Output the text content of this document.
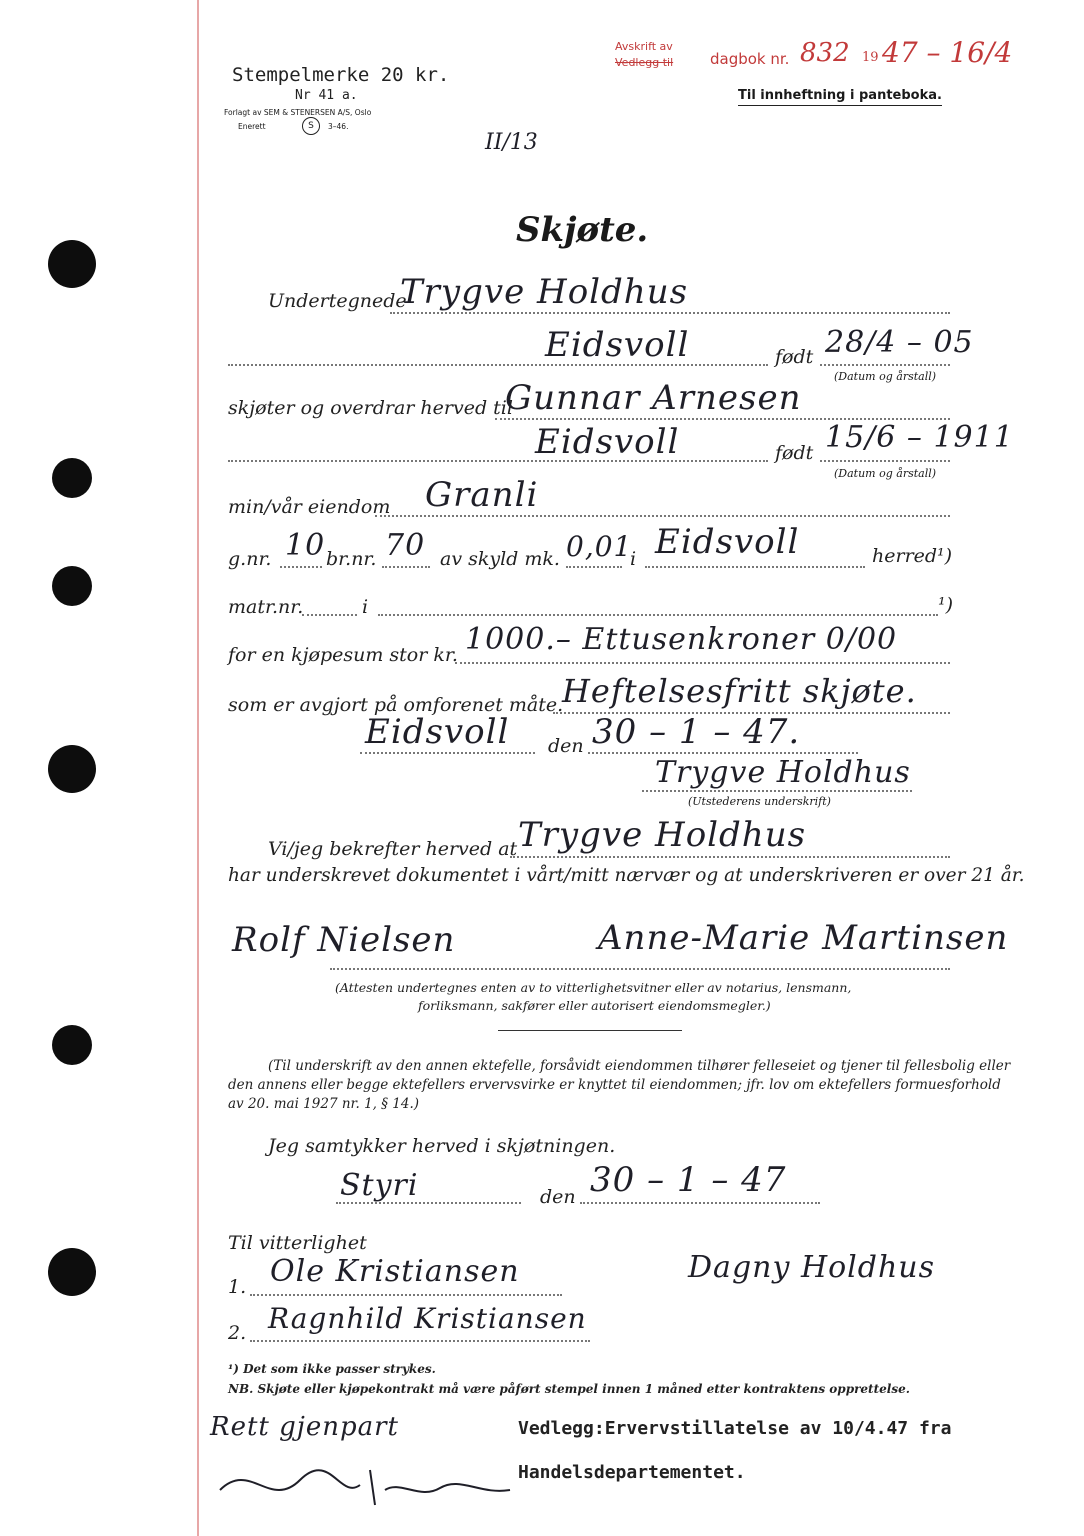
Stempelmerke 20 kr.
Nr 41 a.
Forlagt av SEM & STENERSEN A/S, Oslo
Enerett	S	3–46.
Avskrift av
Vedlegg til dagbok nr. 832 19 47 – 16/4
Til innheftning i panteboka.
II/13
Skjøte.
Undertegnede
Trygve Holdhus
Eidsvoll	født 28/4 – 05
(Datum og årstall)
skjøter og overdrar herved til
Gunnar Arnesen
Eidsvoll	født 15/6 – 1911
(Datum og årstall)
min/vår eiendom Granli
g.nr. 10 br.nr. 70 av skyld mk. 0,01
i Eidsvoll	herred¹)
matr.nr.	i	¹)
for en kjøpesum stor kr. 1000.– Ettusenkroner 0/00
som er avgjort på omforenet måte.
Heftelsesfritt skjøte.
Eidsvoll den 30 – 1 – 47.
Trygve Holdhus
(Utstederens underskrift)
Vi/jeg bekrefter herved at Trygve Holdhus
har underskrevet dokumentet i vårt/mitt nærvær og at underskriveren er over 21 år.
Rolf Nielsen	Anne-Marie Martinsen
(Attesten undertegnes enten av to vitterlighetsvitner eller av notarius, lensmann,
forliksmann, sakfører eller autorisert eiendomsmegler.)
(Til underskrift av den annen ektefelle, forsåvidt eiendommen tilhører felleseiet og tjener til fellesbolig eller
den annens eller begge ektefellers ervervsvirke er knyttet til eiendommen; jfr. lov om ektefellers formuesforhold
av 20. mai 1927 nr. 1, § 14.)
Jeg samtykker herved i skjøtningen.
Styri	den 30 – 1 – 47
Til vitterlighet
1. Ole Kristiansen	Dagny Holdhus
2. Ragnhild Kristiansen
¹) Det som ikke passer strykes.
NB. Skjøte eller kjøpekontrakt må være påført stempel innen 1 måned etter kontraktens opprettelse.
Rett gjenpart	Vedlegg:Ervervstillatelse av 10/4.47 fra
Handelsdepartementet.
